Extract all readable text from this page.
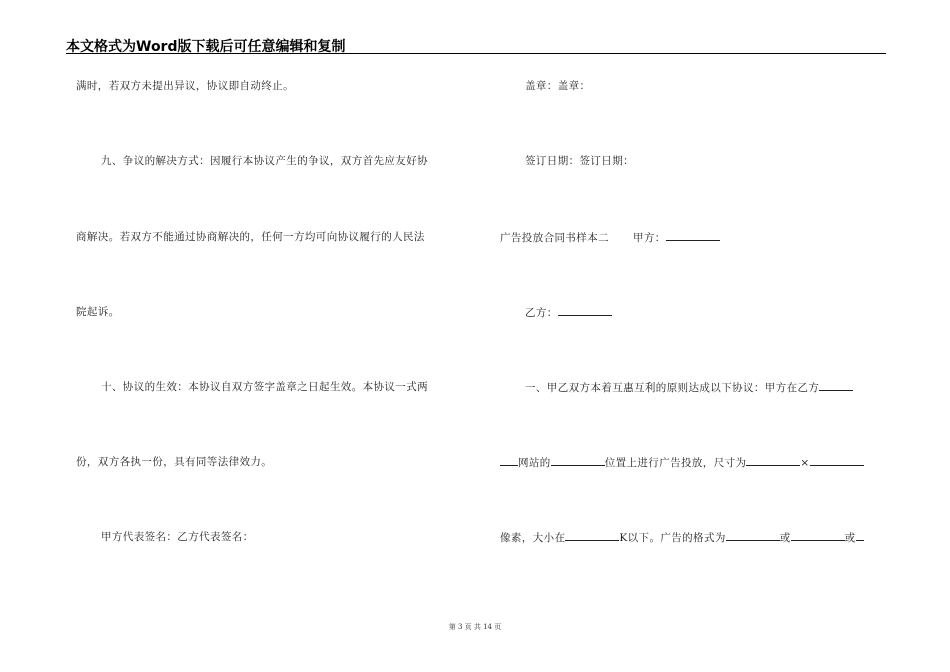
本文格式为Word版下载后可任意编辑和复制
满时，若双方未提出异议，协议即自动终止。
九、争议的解决方式：因履行本协议产生的争议，双方首先应友好协
商解决。若双方不能通过协商解决的，任何一方均可向协议履行的人民法
院起诉。
十、协议的生效：本协议自双方签字盖章之日起生效。本协议一式两
份，双方各执一份，具有同等法律效力。
甲方代表签名：乙方代表签名：
盖章：盖章：
签订日期：签订日期：
广告投放合同书样本二 甲方：
乙方：
一、甲乙双方本着互惠互利的原则达成以下协议：甲方在乙方
网站的	位置上进行广告投放，尺寸为	×
像素，大小在	K以下。广告的格式为	或	或
第 3 页 共 14 页
